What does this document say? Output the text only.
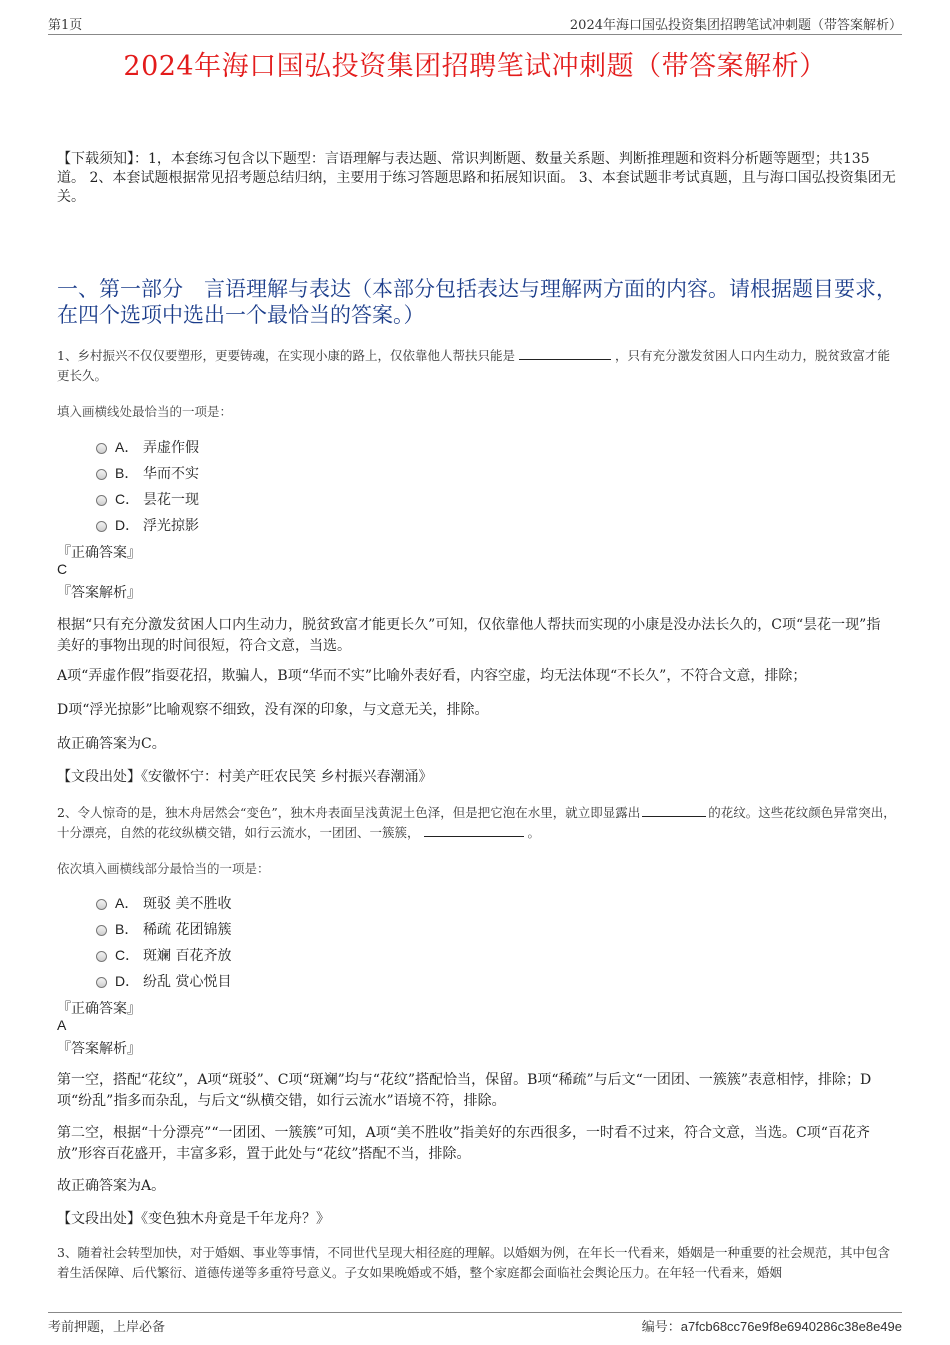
第1页	2024年海口国弘投资集团招聘笔试冲刺题（带答案解析）
2024年海口国弘投资集团招聘笔试冲刺题（带答案解析）
【下载须知】：1，本套练习包含以下题型：言语理解与表达题、常识判断题、数量关系题、判断推理题和资料分析题等题型；共135道。 2、本套试题根据常见招考题总结归纳，主要用于练习答题思路和拓展知识面。 3、本套试题非考试真题，且与海口国弘投资集团无关。
一、第一部分　言语理解与表达（本部分包括表达与理解两方面的内容。请根据题目要求，在四个选项中选出一个最恰当的答案。）
1、乡村振兴不仅仅要塑形，更要铸魂，在实现小康的路上，仅依靠他人帮扶只能是	，只有充分激发贫困人口内生动力，脱贫致富才能更长久。
填入画横线处最恰当的一项是：
A． 弄虚作假
B． 华而不实
C． 昙花一现
D． 浮光掠影
『正确答案』
C
『答案解析』
根据“只有充分激发贫困人口内生动力，脱贫致富才能更长久”可知，仅依靠他人帮扶而实现的小康是没办法长久的，C项“昙花一现”指美好的事物出现的时间很短，符合文意，当选。
A项“弄虚作假”指耍花招，欺骗人，B项“华而不实”比喻外表好看，内容空虚，均无法体现“不长久”，不符合文意，排除；
D项“浮光掠影”比喻观察不细致，没有深的印象，与文意无关，排除。
故正确答案为C。
【文段出处】《安徽怀宁：村美产旺农民笑 乡村振兴春潮涌》
2、令人惊奇的是，独木舟居然会“变色”，独木舟表面呈浅黄泥土色泽，但是把它泡在水里，就立即显露出	的花纹。这些花纹颜色异常突出，十分漂亮，自然的花纹纵横交错，如行云流水，一团团、一簇簇，	。
依次填入画横线部分最恰当的一项是：
A． 斑驳 美不胜收
B． 稀疏 花团锦簇
C． 斑斓 百花齐放
D． 纷乱 赏心悦目
『正确答案』
A
『答案解析』
第一空，搭配“花纹”，A项“斑驳”、C项“斑斓”均与“花纹”搭配恰当，保留。B项“稀疏”与后文“一团团、一簇簇”表意相悖，排除；D项“纷乱”指多而杂乱，与后文“纵横交错，如行云流水”语境不符，排除。
第二空，根据“十分漂亮”“一团团、一簇簇”可知，A项“美不胜收”指美好的东西很多，一时看不过来，符合文意，当选。C项“百花齐放”形容百花盛开，丰富多彩，置于此处与“花纹”搭配不当，排除。
故正确答案为A。
【文段出处】《变色独木舟竟是千年龙舟？》
3、随着社会转型加快，对于婚姻、事业等事情，不同世代呈现大相径庭的理解。以婚姻为例，在年长一代看来，婚姻是一种重要的社会规范，其中包含着生活保障、后代繁衍、道德传递等多重符号意义。子女如果晚婚或不婚，整个家庭都会面临社会舆论压力。在年轻一代看来，婚姻
考前押题，上岸必备	编号：a7fcb68cc76e9f8e6940286c38e8e49e
